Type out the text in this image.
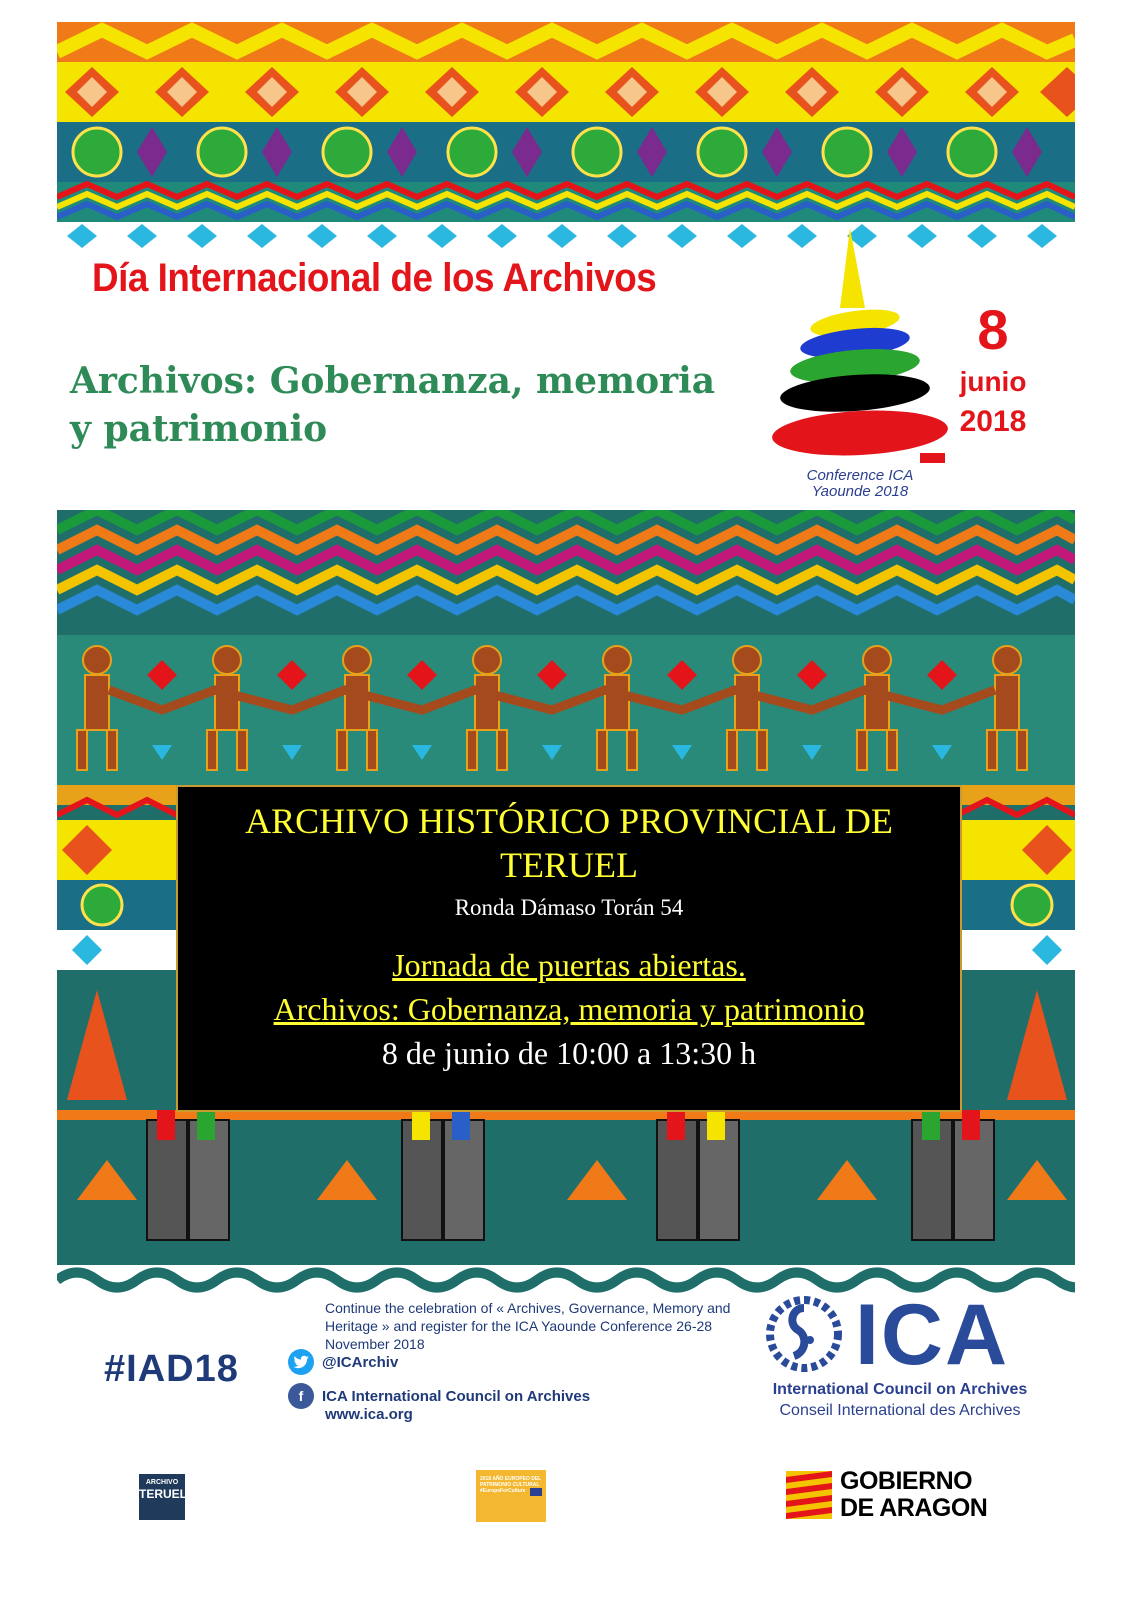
Día Internacional de los Archivos
Archivos: Gobernanza, memoria
y patrimonio
Conference ICA
Yaounde 2018
8
junio
2018
ARCHIVO HISTÓRICO PROVINCIAL DE TERUEL
Ronda Dámaso Torán 54
Jornada de puertas abiertas.
Archivos: Gobernanza, memoria y patrimonio
8 de junio de 10:00 a 13:30 h
#IAD18
Continue the celebration of « Archives, Governance, Memory and Heritage » and register for the ICA Yaounde Conference 26-28 November 2018
@ICArchiv
f	ICA International Council on Archives
www.ica.org
ICA
International Council on Archives
Conseil International des Archives
ARCHIVO
TERUEL
2018 AÑO EUROPEO DEL PATRIMONIO CULTURAL #EuropeForCulture	GOBIERNO
DE ARAGON
